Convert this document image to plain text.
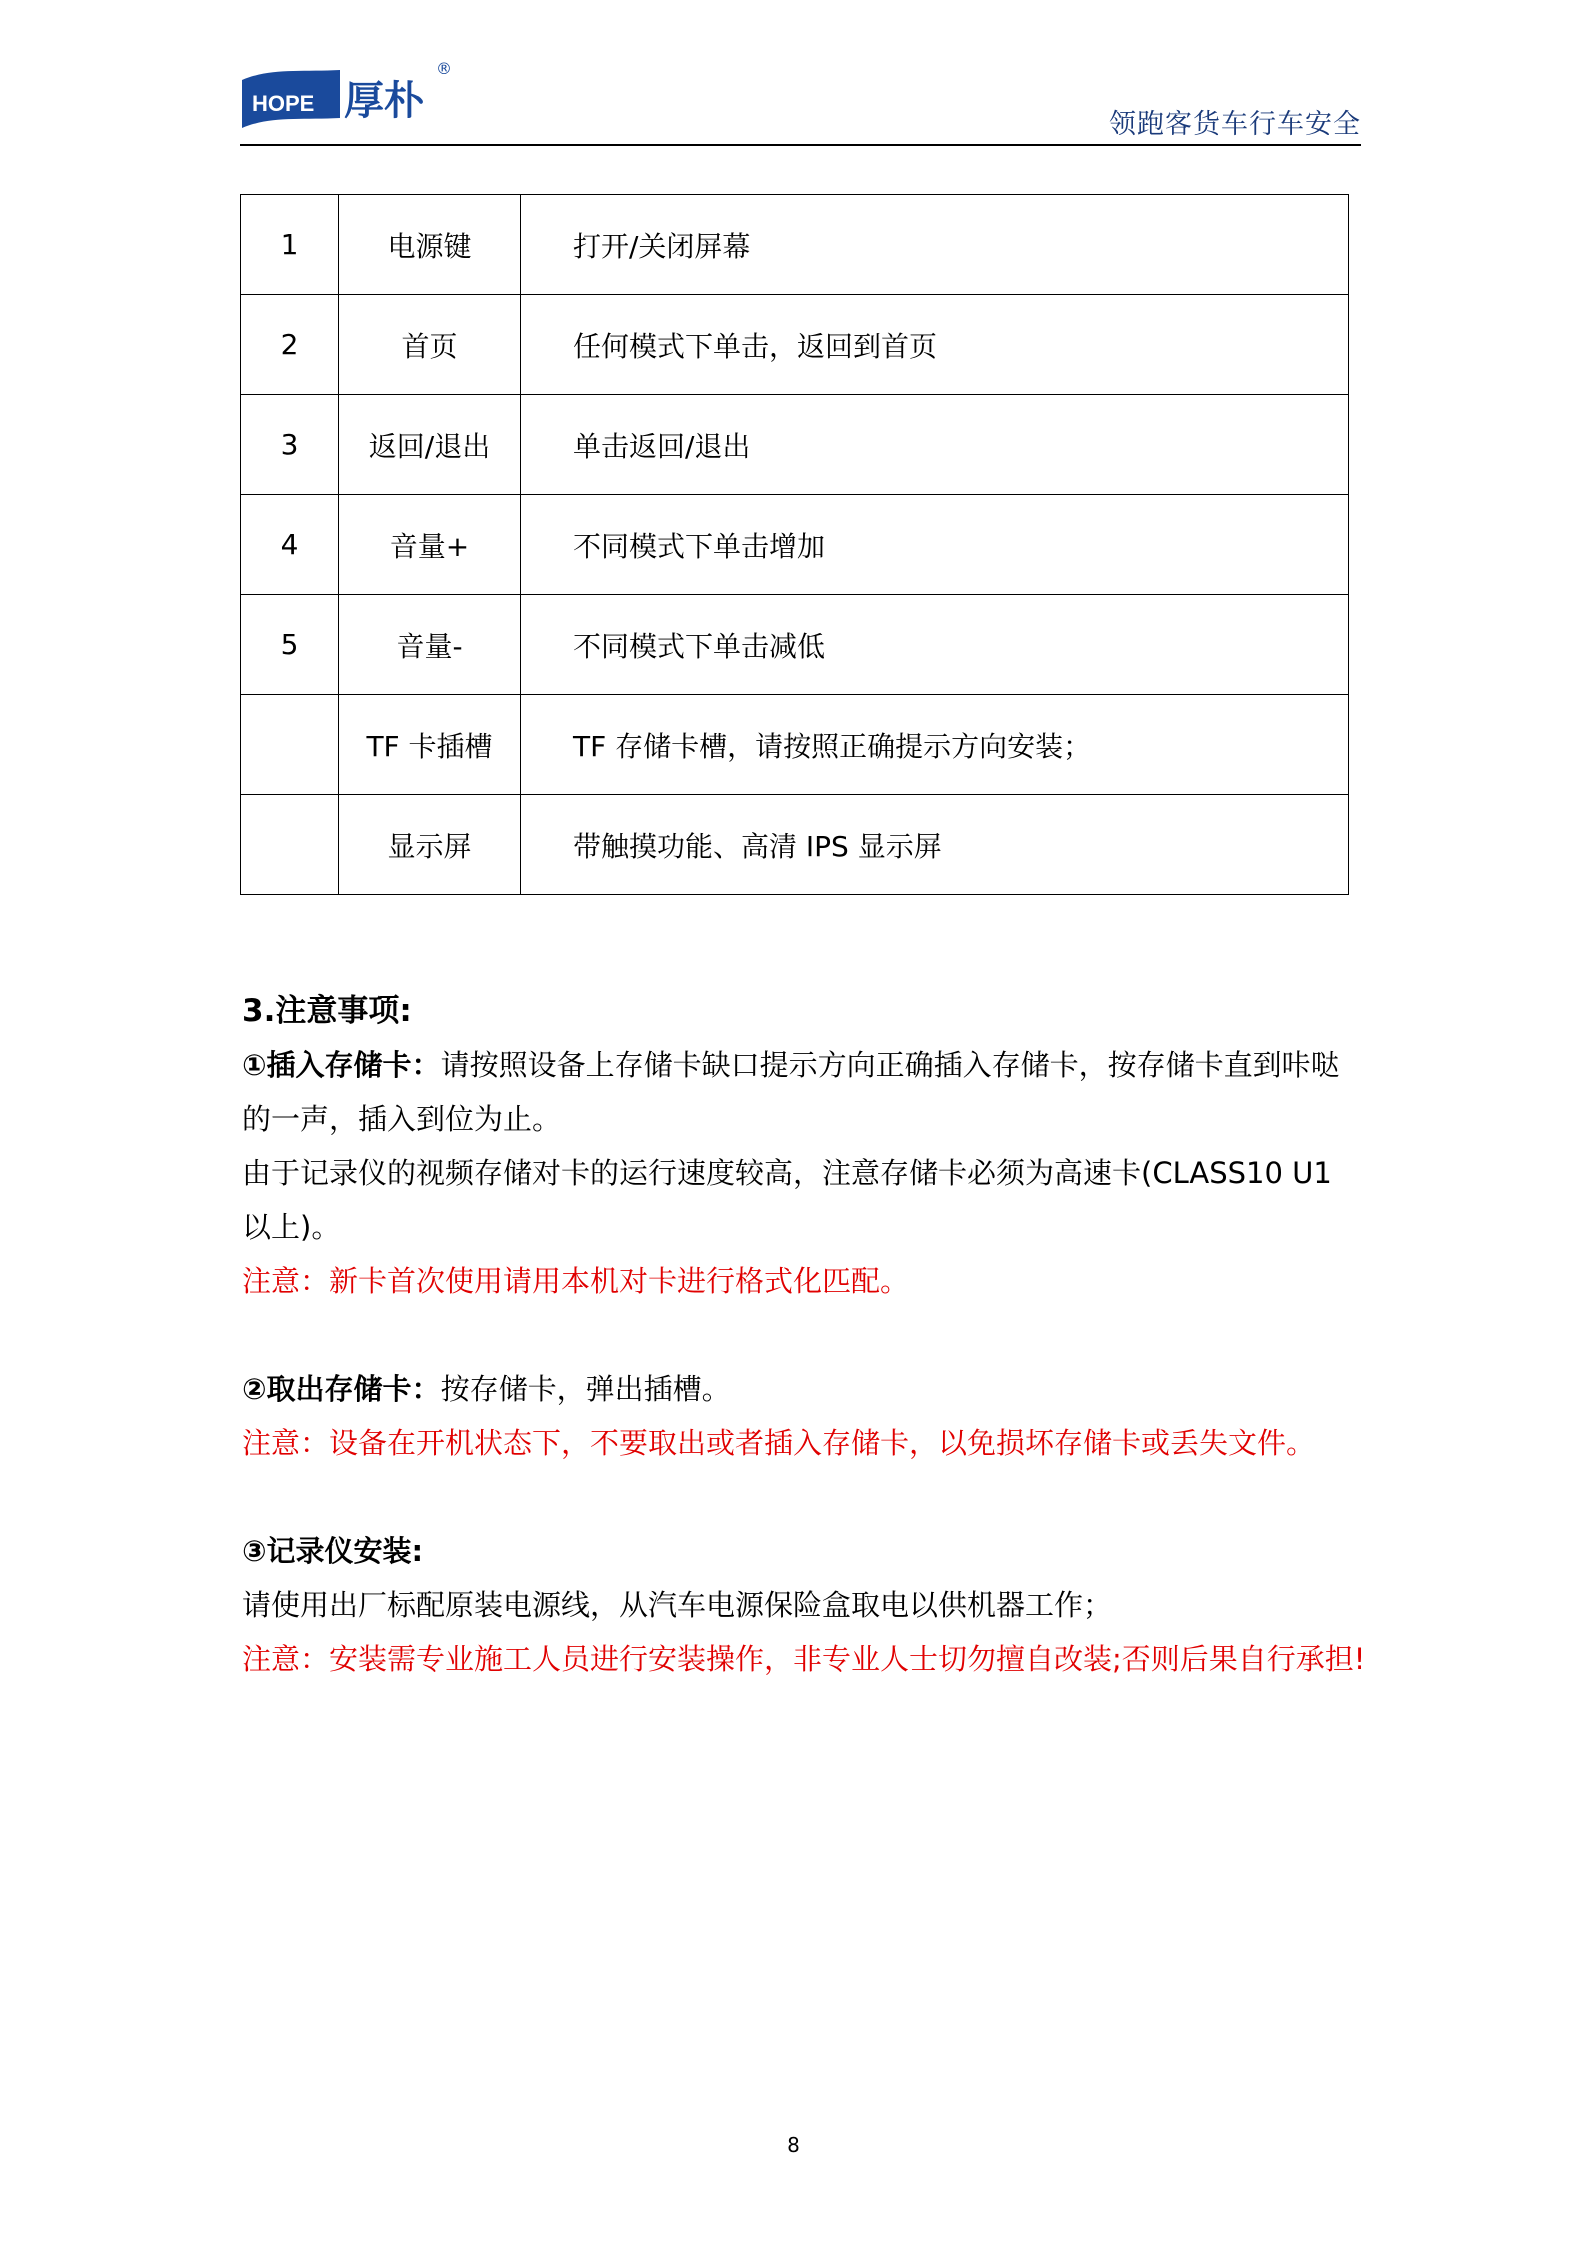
HOPE 厚朴
®
领跑客货车行车安全
1	电源键	打开/关闭屏幕
2	首页	任何模式下单击，返回到首页
3	返回/退出	单击返回/退出
4	音量+	不同模式下单击增加
5	音量-	不同模式下单击减低
	TF 卡插槽	TF 存储卡槽，请按照正确提示方向安装；
	显示屏	带触摸功能、高清 IPS 显示屏

3.注意事项:

①插入存储卡：请按照设备上存储卡缺口提示方向正确插入存储卡，按存储卡直到咔哒

的一声，插入到位为止。

由于记录仪的视频存储对卡的运行速度较高，注意存储卡必须为高速卡(CLASS10 U1

以上)。

注意：新卡首次使用请用本机对卡进行格式化匹配。

②取出存储卡：按存储卡，弹出插槽。

注意：设备在开机状态下，不要取出或者插入存储卡，以免损坏存储卡或丢失文件。

③记录仪安装:

请使用出厂标配原装电源线，从汽车电源保险盒取电以供机器工作；

注意：安装需专业施工人员进行安装操作，非专业人士切勿擅自改装;否则后果自行承担!

8
